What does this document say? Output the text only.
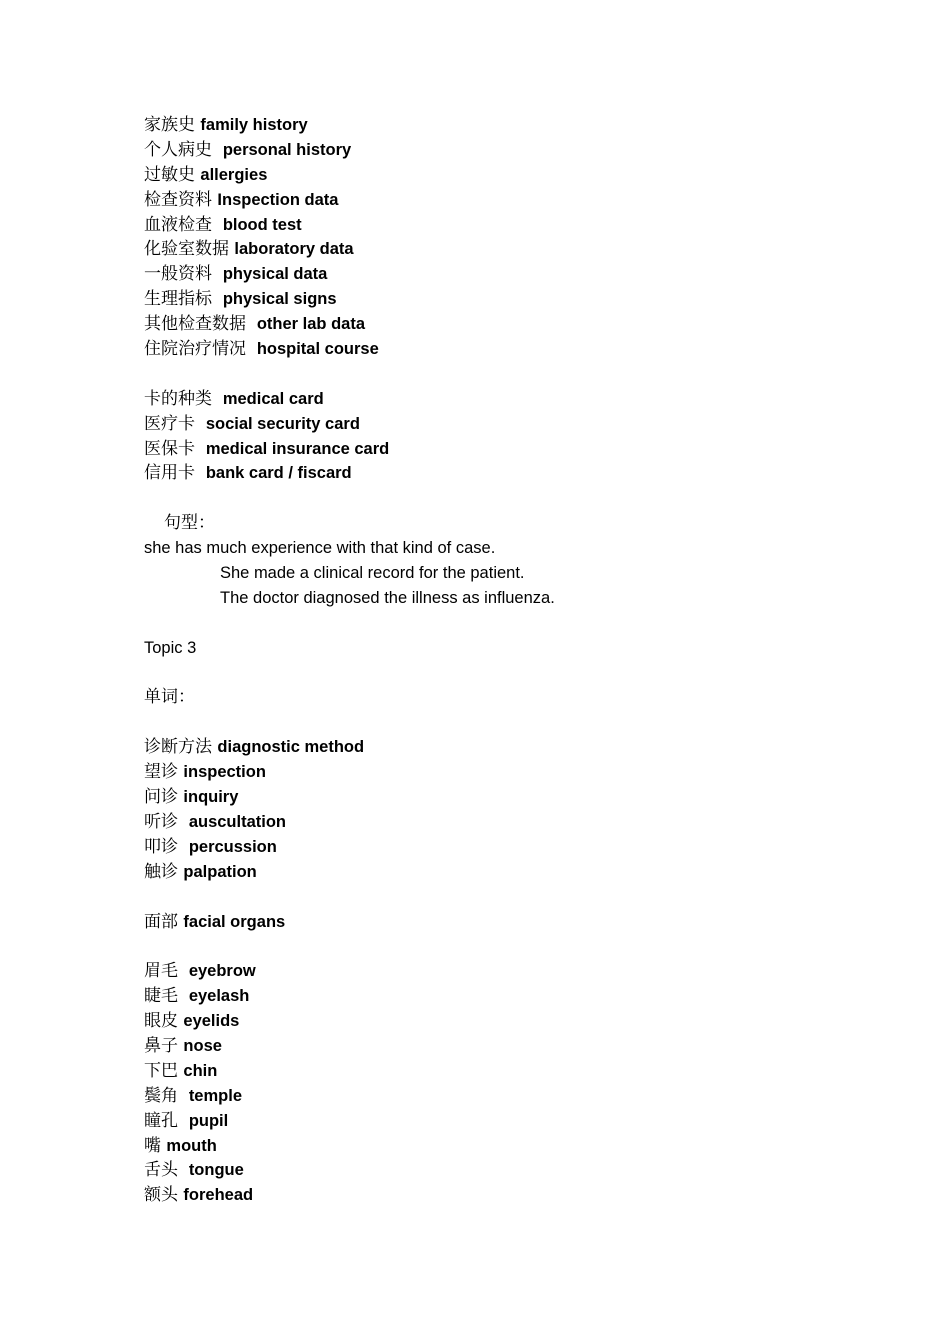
家族史 family history
个人病史 personal history
过敏史 allergies
检查资料 Inspection data
血液检查 blood test
化验室数据 laboratory data
一般资料 physical data
生理指标 physical signs
其他检查数据 other lab data
住院治疗情况 hospital course
卡的种类 medical card
医疗卡 social security card
医保卡 medical insurance card
信用卡 bank card / fiscard
句型：
she has much experience with that kind of case.
She made a clinical record for the patient.
The doctor diagnosed the illness as influenza.
Topic 3
单词：
诊断方法 diagnostic method
望诊 inspection
问诊 inquiry
听诊 auscultation
叩诊 percussion
触诊 palpation
面部 facial organs
眉毛 eyebrow
睫毛 eyelash
眼皮 eyelids
鼻子 nose
下巴 chin
鬓角 temple
瞳孔 pupil
嘴 mouth
舌头 tongue
额头 forehead
